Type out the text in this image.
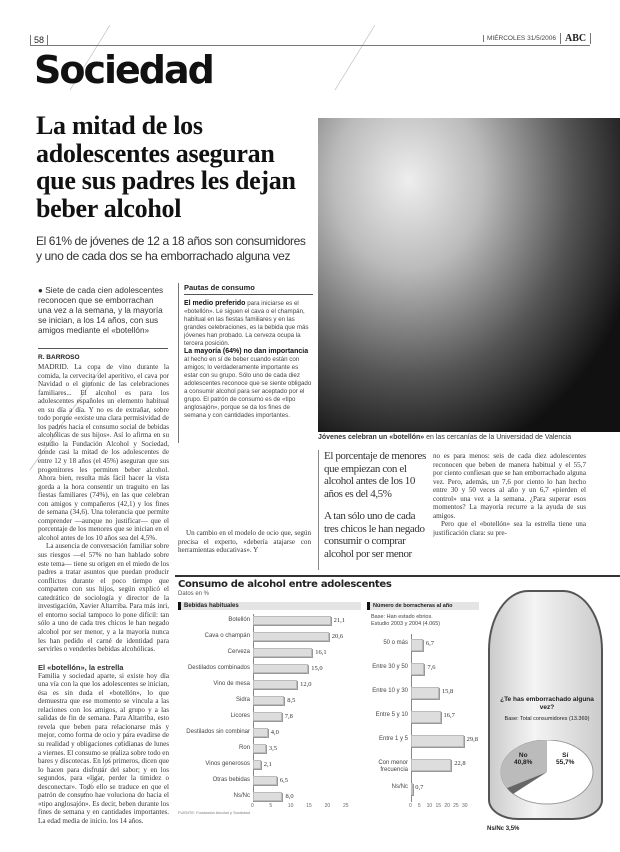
58	MIÉRCOLES 31/5/2006 ABC
Sociedad
La mitad de los adolescentes aseguran que sus padres les dejan beber alcohol
El 61% de jóvenes de 12 a 18 años son consumidores y uno de cada dos se ha emborrachado alguna vez
Jóvenes celebran un «botellón» en las cercanías de la Universidad de Valencia
● Siete de cada cien adolescentes reconocen que se emborrachan una vez a la semana, y la mayoría se inician, a los 14 años, con sus amigos mediante el «botellón»
R. BARROSO

MADRID. La copa de vino durante la comida, la cervecita del aperitivo, el cava por Navidad o el gintonic de las celebraciones familiares... El alcohol es para los adolescentes españoles un elemento habitual en su día a día. Y no es de extrañar, sobre todo porque «existe una clara permisividad de los padres hacia el consumo social de bebidas alcohólicas de sus hijos». Así lo afirma en su estudio la Fundación Alcohol y Sociedad, donde casi la mitad de los adolescentes de entre 12 y 18 años (el 45%) aseguran que sus progenitores les permiten beber alcohol. Ahora bien, resulta más fácil hacer la vista gorda a la hora consentir un traguito en las fiestas familiares (74%), en las que celebran con amigos y compañeros (42,1) y los fines de semana (34,6). Una tolerancia que permite comprender —aunque no justificar— que el porcentaje de los menores que se inician en el alcohol antes de los 10 años sea del 4,5%.

La ausencia de conversación familiar sobre sus riesgos —el 57% no han hablado sobre este tema— tiene su origen en el miedo de los padres a tratar asuntos que puedan producir conflictos durante el poco tiempo que comparten con sus hijos, según explicó el catedrático de sociología y director de la investigación, Xavier Altarriba. Para más inri, el entorno social tampoco lo pone difícil: tan sólo a uno de cada tres chicos le han negado alcohol por ser menor, y a la mayoría nunca les han pedido el carné de identidad para servirles o venderles bebidas alcohólicas.

El «botellón», la estrella

Familia y sociedad aparte, si existe hoy día una vía con la que los adolescentes se inician, ésa es sin duda el «botellón», lo que demuestra que ese momento se vincula a las relaciones con los amigos, al grupo y a las salidas de fin de semana. Para Altarriba, esto revela que beben para relacionarse más y mejor, como forma de ocio y para evadirse de su realidad y obligaciones cotidianas de lunes a viernes. El consumo se realiza sobre todo en bares y discotecas. En los primeros, dicen que lo hacen para disfrutar del sabor; y en los segundos, para «ligar, perder la timidez o desconectar». Todo ello se traduce en que el patrón de consumo hae voluciona do hacia el «tipo anglosajón». Es decir, beben durante los fines de semana y en cantidades importantes. La edad media de inicio, los 14 años.

Pautas de consumo
El medio preferido para iniciarse es el «botellón». Le siguen el cava o el champán, habitual en las fiestas familiares y en las grandes celebraciones, es la bebida que más jóvenes han probado. La cerveza ocupa la tercera posición.
La mayoría (64%) no dan importancia al hecho en sí de beber cuando están con amigos; lo verdaderamente importante es estar con su grupo. Sólo uno de cada diez adolescentes reconoce que se siente obligado a consumir alcohol para ser aceptado por el grupo. El patrón de consumo es de «tipo anglosajón», porque se da los fines de semana y con cantidades importantes.

Un cambio en el modelo de ocio que, según precisa el experto, «debería atajarse con herramientas educativas». Y

El porcentaje de menores que empiezan con el alcohol antes de los 10 años es del 4,5%
A tan sólo uno de cada tres chicos le han negado consumir o comprar alcohol por ser menor

no es para menos: seis de cada diez adolescentes reconocen que beben de manera habitual y el 55,7 por ciento confiesan que se han emborrachado alguna vez. Pero, además, un 7,6 por ciento lo han hecho entre 30 y 50 veces al año y un 6,7 «pierden el control» una vez a la semana. ¿Para superar esos momentos? La mayoría recurre a la ayuda de sus amigos.

Pero que el «botellón» sea la estrella tiene una justificación clara: su pre-

Consumo de alcohol entre adolescentes
Datos en %
Bebidas habituales	Número de borracheras al año
Base: Han estado ebrios.
Estudio 2003 y 2004 (4.065)
FUENTE: Fundación Alcohol y Sociedad
Botellón	21,1
Cava o champán	20,6
Cerveza	16,1
Destilados combinados	15,0
Vino de mesa	12,0
Sidra	8,5
Licores	7,8
Destilados sin combinar	4,0
Ron	3,5
Vinos generosos 2,1
Otras bebidas	6,5
Ns/Nc	8,0
0	5	10	15	20	25
50 o más	6,7
Entre 30 y 50	7,6
Entre 10 y 30	15,8
Entre 5 y 10	16,7
Entre 1 y 5	29,8
Con menor frecuencia
22,8
Ns/Nc 0,7
0 5 10 15 20 25 30
¿Te has emborrachado alguna vez?
Base: Total consumidores (13.369)
No
40,8%
Sí
55,7%
Ns/Nc 3,5%
